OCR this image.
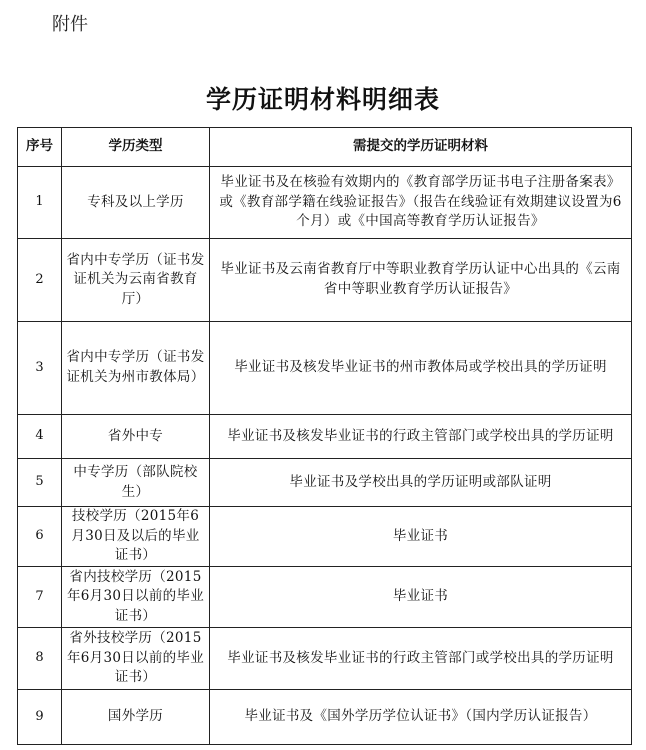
附件
学历证明材料明细表
序号	学历类型	需提交的学历证明材料
1	专科及以上学历	毕业证书及在核验有效期内的《教育部学历证书电子注册备案表》或《教育部学籍在线验证报告》（报告在线验证有效期建议设置为6个月）或《中国高等教育学历认证报告》
2	省内中专学历（证书发证机关为云南省教育厅）	毕业证书及云南省教育厅中等职业教育学历认证中心出具的《云南省中等职业教育学历认证报告》
3	省内中专学历（证书发证机关为州市教体局）	毕业证书及核发毕业证书的州市教体局或学校出具的学历证明
4	省外中专	毕业证书及核发毕业证书的行政主管部门或学校出具的学历证明
5	中专学历（部队院校生）	毕业证书及学校出具的学历证明或部队证明
6	技校学历（2015年6月30日及以后的毕业证书）	毕业证书
7	省内技校学历（2015年6月30日以前的毕业证书）	毕业证书
8	省外技校学历（2015年6月30日以前的毕业证书）	毕业证书及核发毕业证书的行政主管部门或学校出具的学历证明
9	国外学历	毕业证书及《国外学历学位认证书》（国内学历认证报告）
